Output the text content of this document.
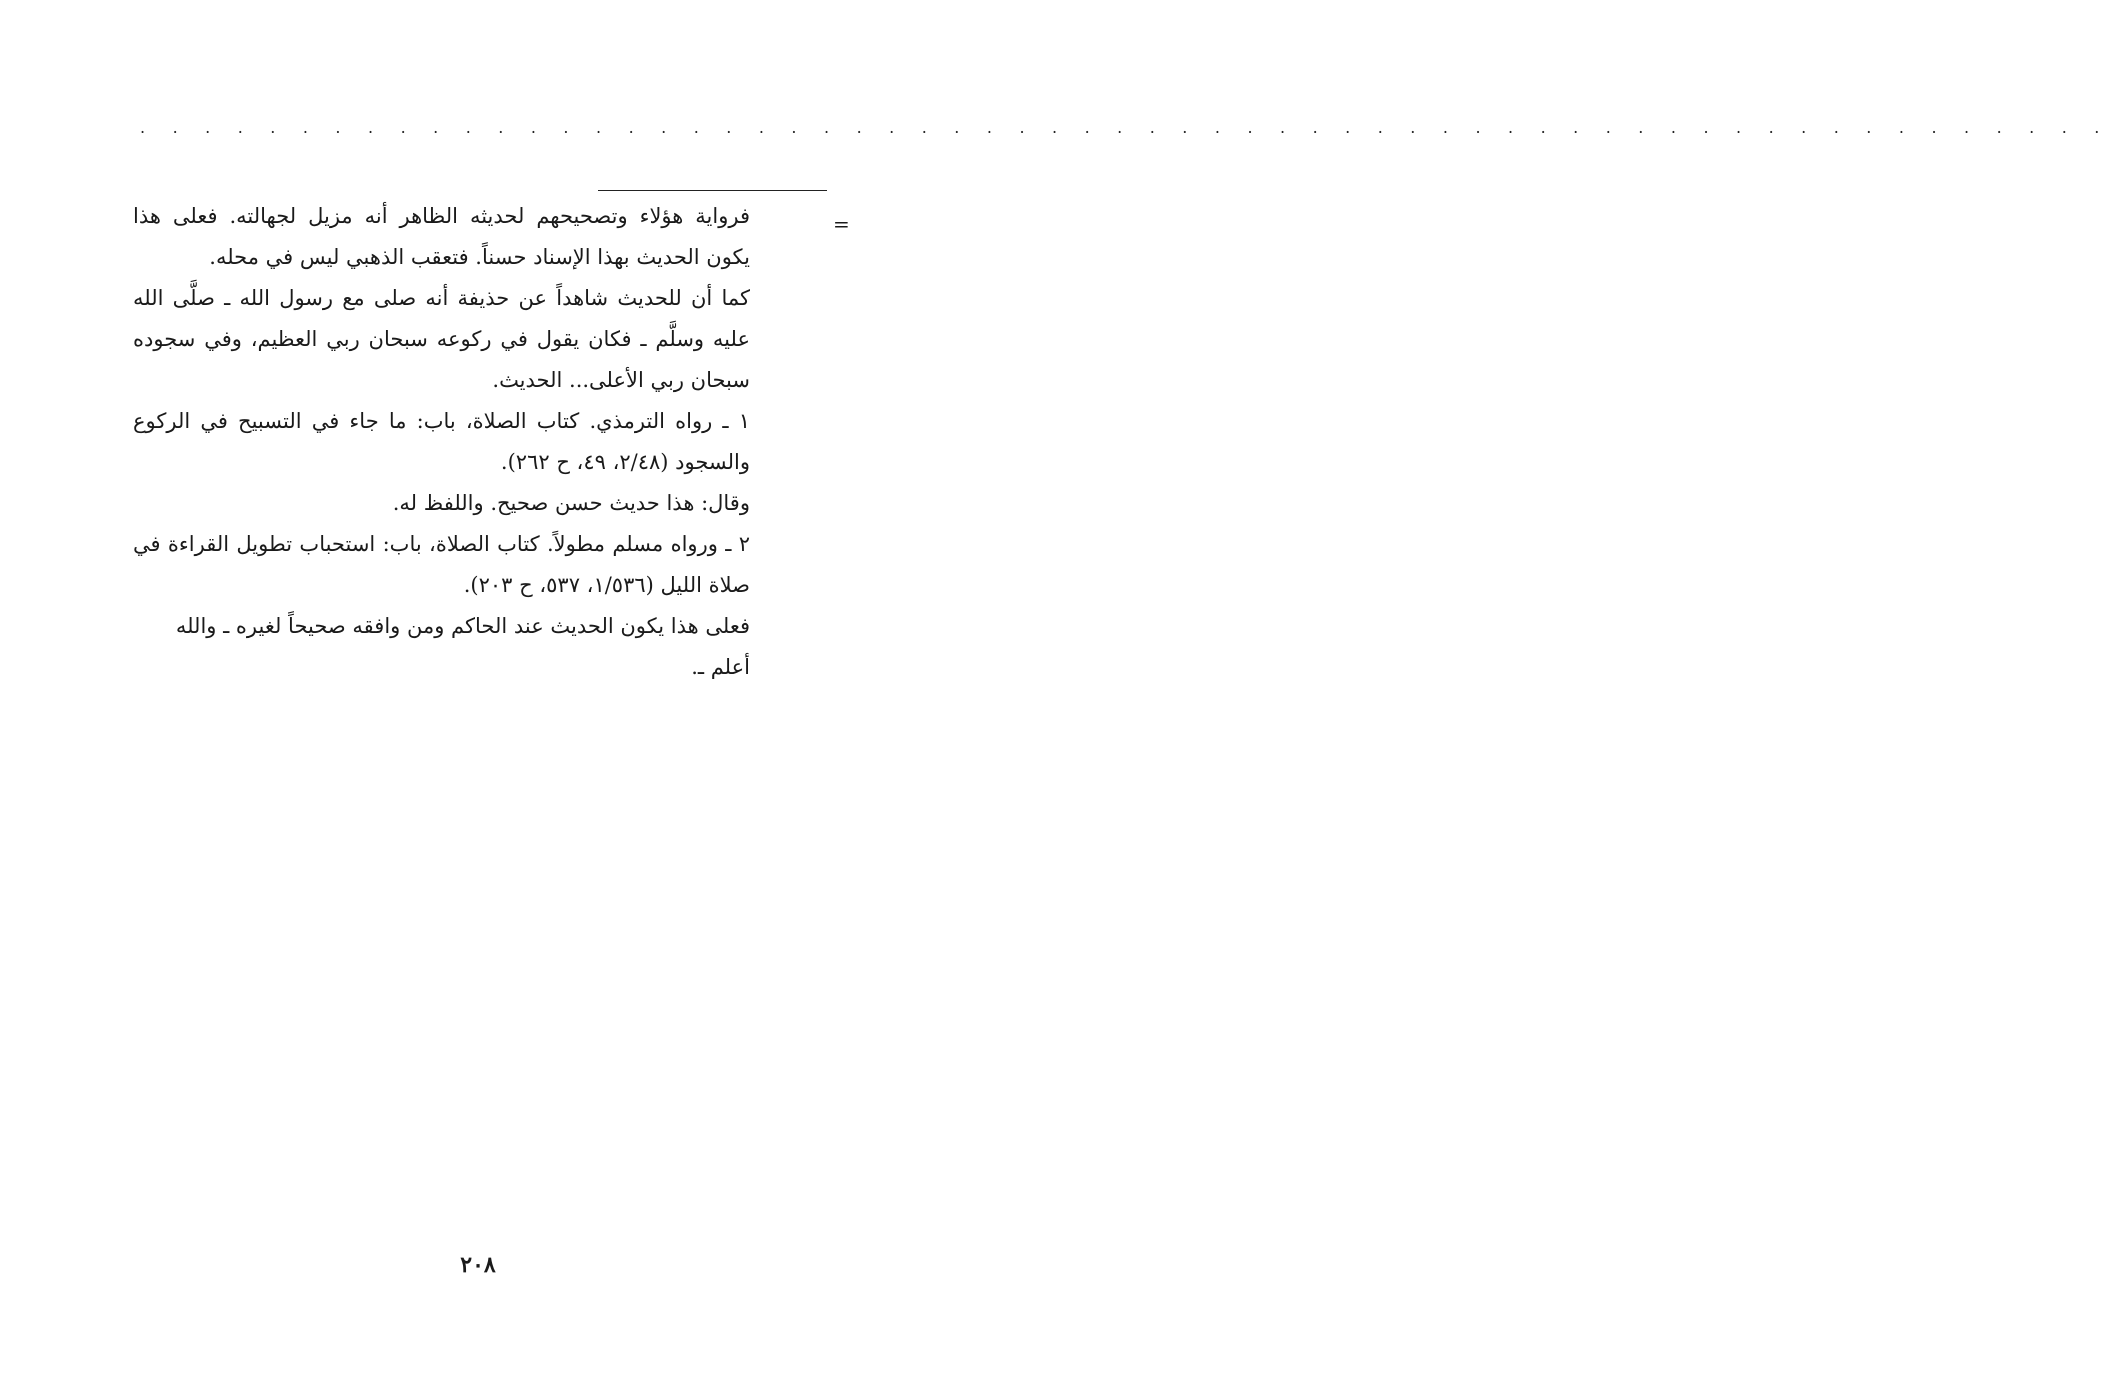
. . . . . . . . . . . . . . . . . . . . . . . . . . . . . . . . . . . . . . . . . . . . . . . . . . . . . . . . . . . . .
=

فرواية هؤلاء وتصحيحهم لحديثه الظاهر أنه مزيل لجهالته. فعلى هذا يكون الحديث بهذا الإسناد حسناً. فتعقب الذهبي ليس في محله.

كما أن للحديث شاهداً عن حذيفة أنه صلى مع رسول الله ـ صلَّى الله عليه وسلَّم ـ فكان يقول في ركوعه سبحان ربي العظيم، وفي سجوده سبحان ربي الأعلى... الحديث.

١ ـ رواه الترمذي. كتاب الصلاة، باب: ما جاء في التسبيح في الركوع والسجود (٢/٤٨، ٤٩، ح ٢٦٢).

وقال: هذا حديث حسن صحيح. واللفظ له.

٢ ـ ورواه مسلم مطولاً. كتاب الصلاة، باب: استحباب تطويل القراءة في صلاة الليل (١/٥٣٦، ٥٣٧، ح ٢٠٣).

فعلى هذا يكون الحديث عند الحاكم ومن وافقه صحيحاً لغيره ـ والله أعلم ـ.

٢٠٨
